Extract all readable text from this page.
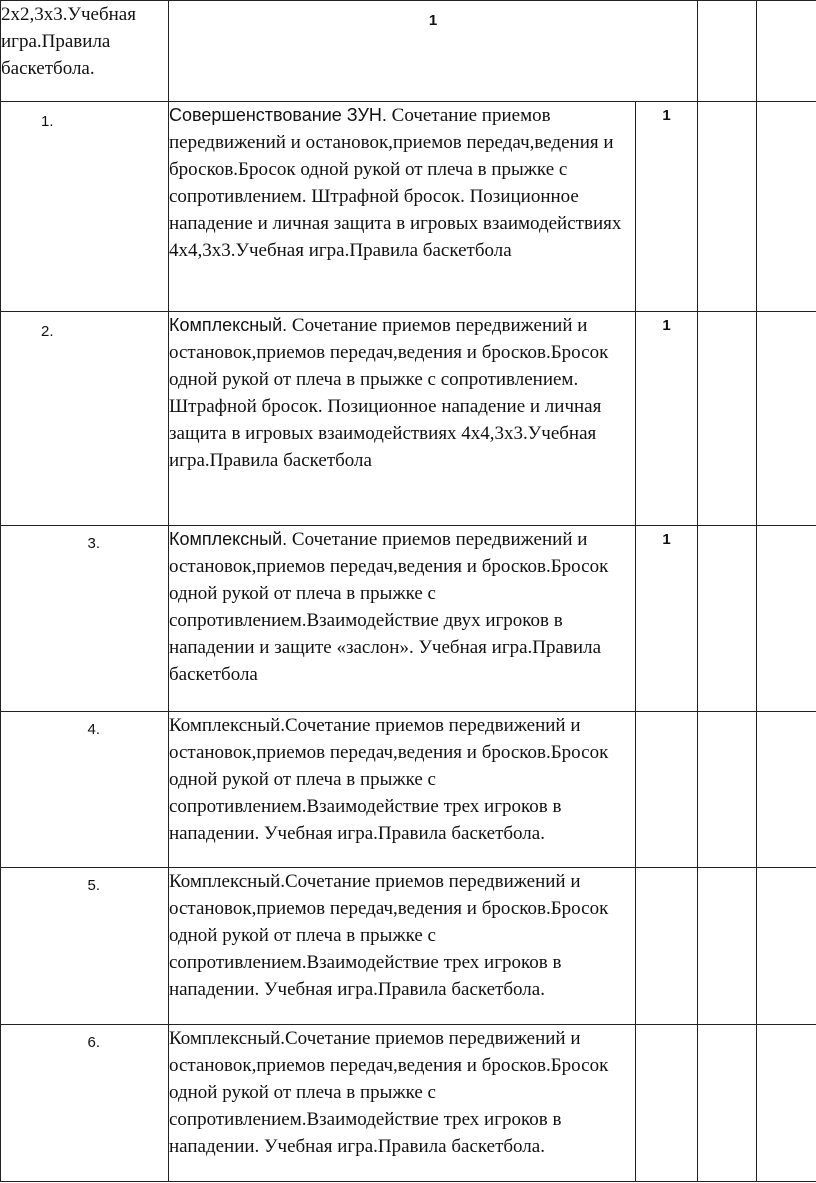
2х2,3х3.Учебная игра.Правила баскетбола.	1			
1.	Совершенствование ЗУН. Сочетание приемов передвижений и остановок,приемов передач,ведения и бросков.Бросок одной рукой от плеча в прыжке с сопротивлением. Штрафной бросок. Позиционное нападение и личная защита в игровых взаимодействиях 4х4,3х3.Учебная игра.Правила баскетбола	1		
2.	Комплексный. Сочетание приемов передвижений и остановок,приемов передач,ведения и бросков.Бросок одной рукой от плеча в прыжке с сопротивлением. Штрафной бросок. Позиционное нападение и личная защита в игровых взаимодействиях 4х4,3х3.Учебная игра.Правила баскетбола	1		
3.	Комплексный. Сочетание приемов передвижений и остановок,приемов передач,ведения и бросков.Бросок одной рукой от плеча в прыжке с сопротивлением.Взаимодействие двух игроков в нападении и защите «заслон». Учебная игра.Правила баскетбола	1		
4.	Комплексный.Сочетание приемов передвижений и остановок,приемов передач,ведения и бросков.Бросок одной рукой от плеча в прыжке с сопротивлением.Взаимодействие трех игроков в нападении. Учебная игра.Правила баскетбола.			
5.	Комплексный.Сочетание приемов передвижений и остановок,приемов передач,ведения и бросков.Бросок одной рукой от плеча в прыжке с сопротивлением.Взаимодействие трех игроков в нападении. Учебная игра.Правила баскетбола.			
6.	Комплексный.Сочетание приемов передвижений и остановок,приемов передач,ведения и бросков.Бросок одной рукой от плеча в прыжке с сопротивлением.Взаимодействие трех игроков в нападении. Учебная игра.Правила баскетбола.			
